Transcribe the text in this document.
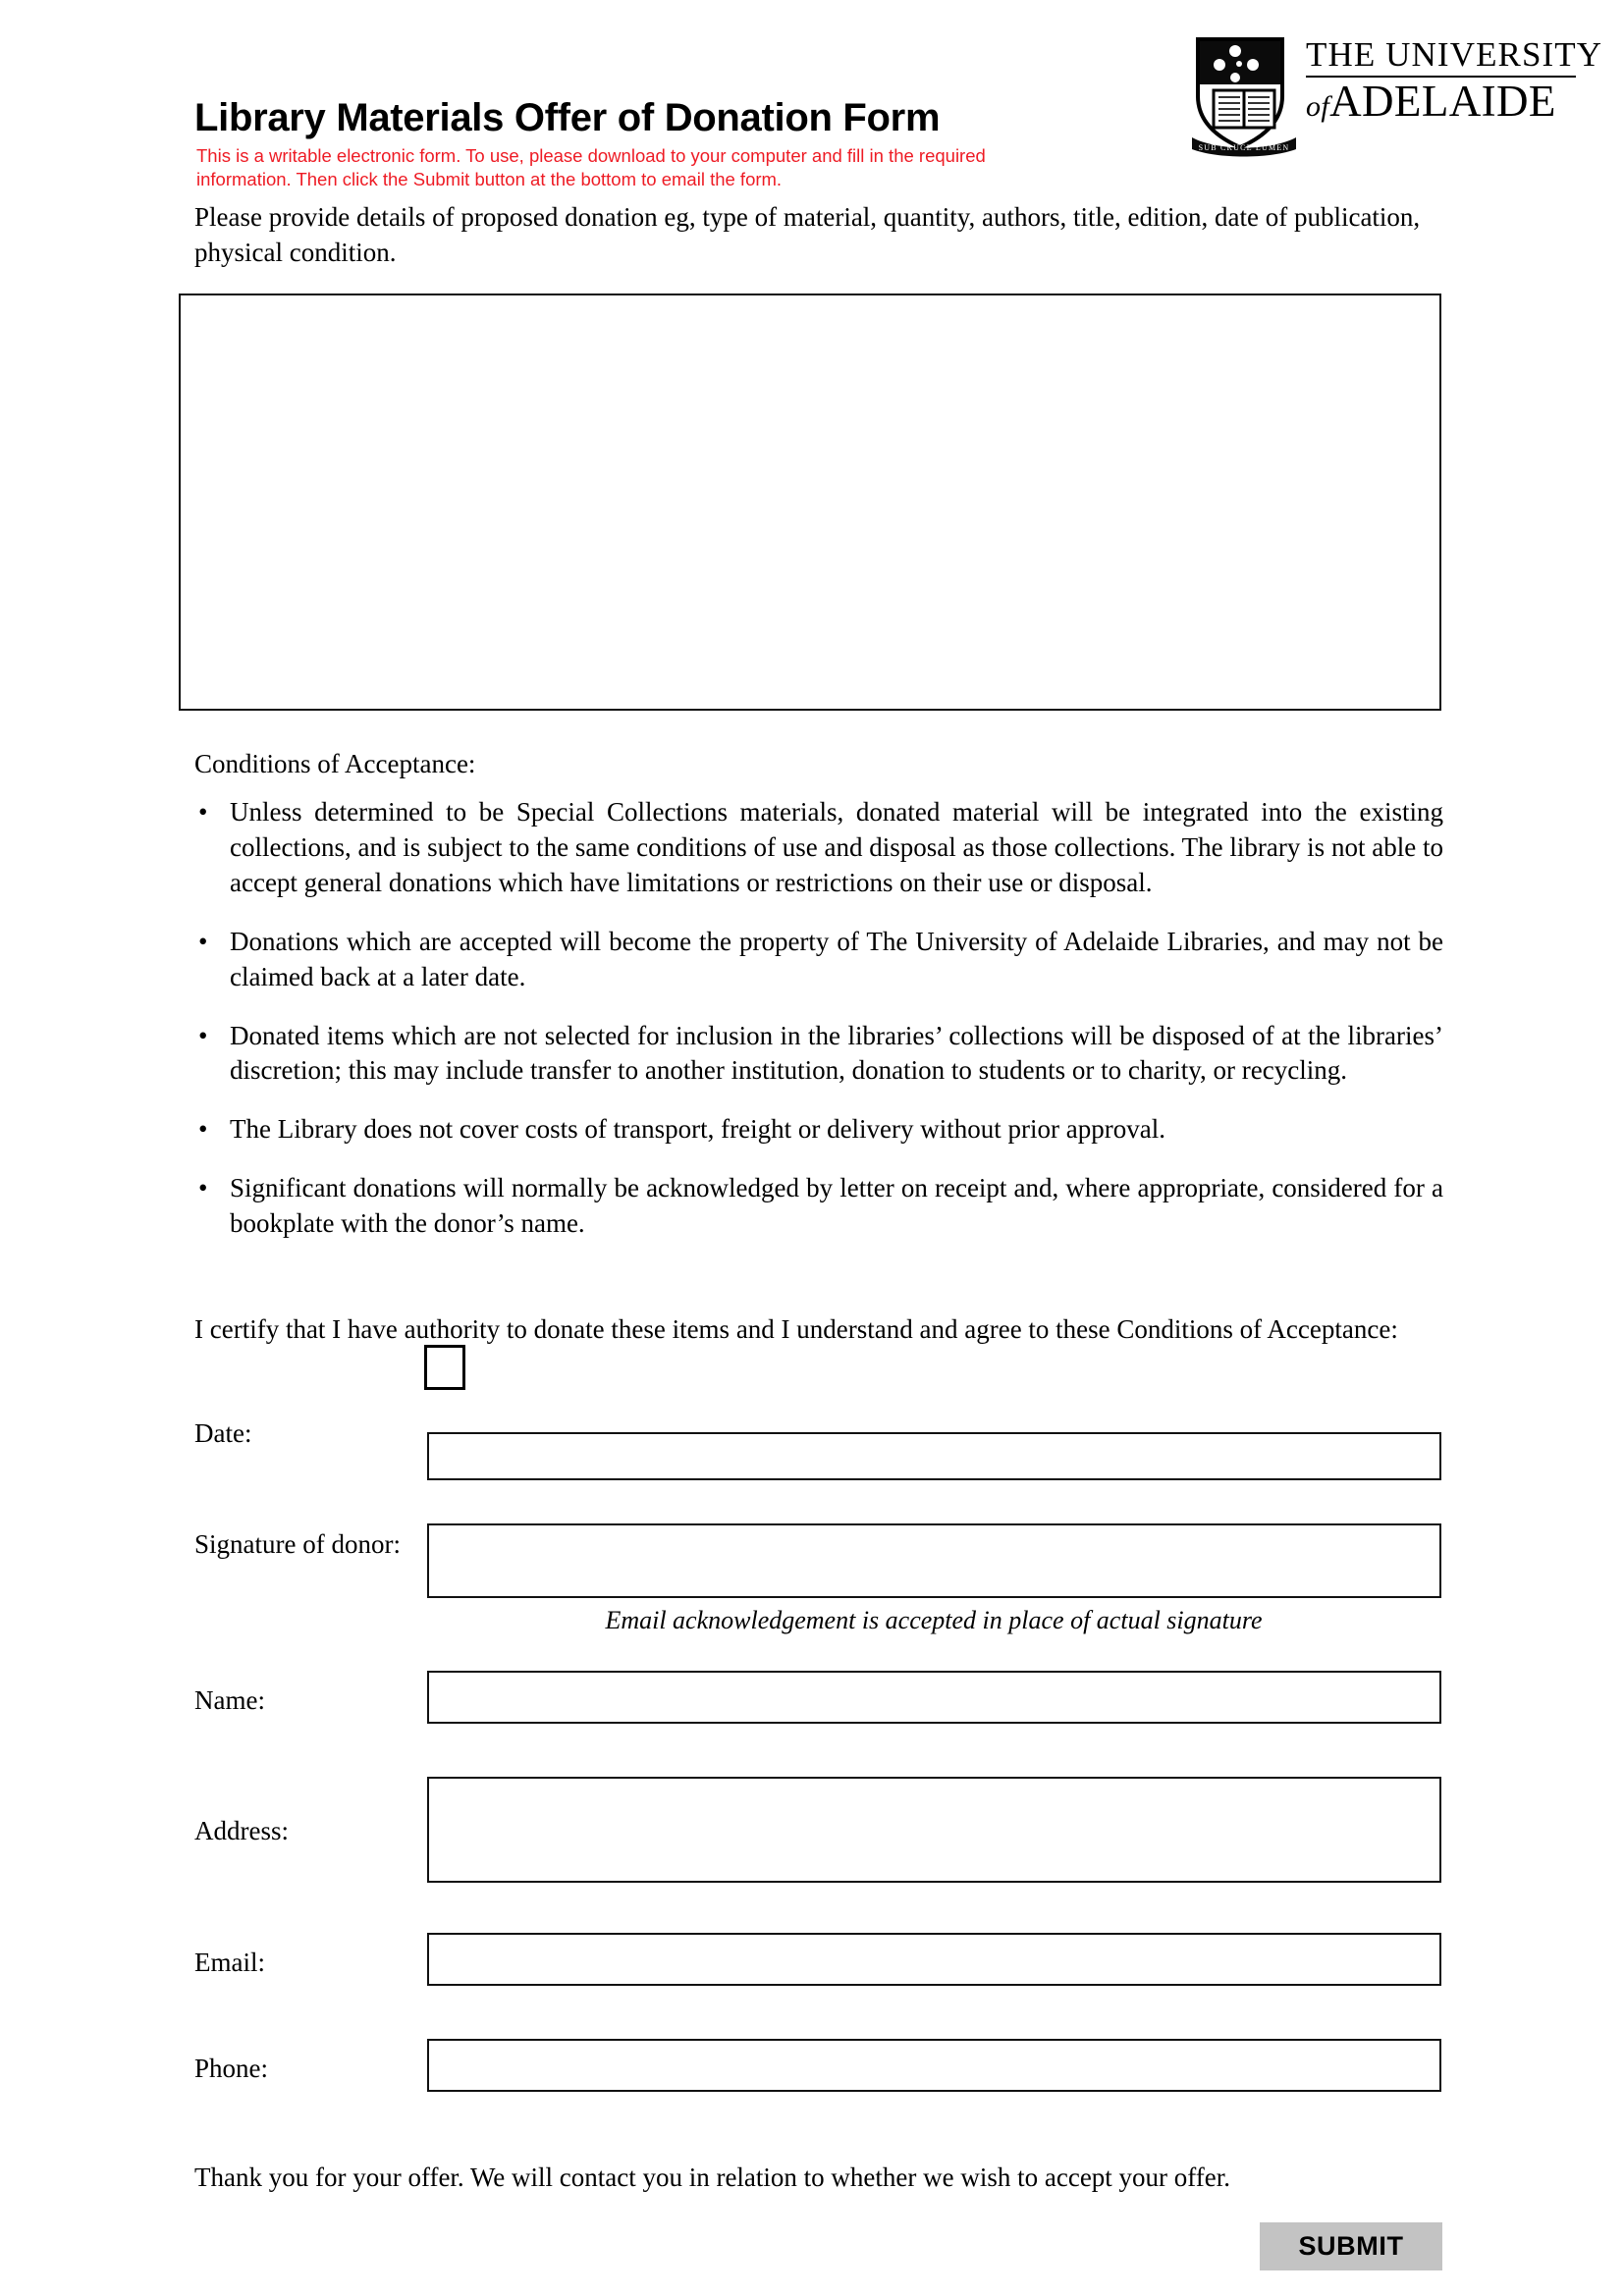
Library Materials Offer of Donation Form
This is a writable electronic form. To use, please download to your computer and fill in the required information. Then click the Submit button at the bottom to email the form.
SUB CRUCE LUMEN
THE UNIVERSITY
ofADELAIDE
Please provide details of proposed donation eg, type of material, quantity, authors, title, edition, date of publication, physical condition.
Conditions of Acceptance:
• Unless determined to be Special Collections materials, donated material will be integrated into the existing collections, and is subject to the same conditions of use and disposal as those collections. The library is not able to accept general donations which have limitations or restrictions on their use or disposal.
• Donations which are accepted will become the property of The University of Adelaide Libraries, and may not be claimed back at a later date.
• Donated items which are not selected for inclusion in the libraries’ collections will be disposed of at the libraries’ discretion; this may include transfer to another institution, donation to students or to charity, or recycling.
• The Library does not cover costs of transport, freight or delivery without prior approval.
• Significant donations will normally be acknowledged by letter on receipt and, where appropriate, considered for a bookplate with the donor’s name.
I certify that I have authority to donate these items and I understand and agree to these Conditions of Acceptance:
Date:
Signature of donor:
Email acknowledgement is accepted in place of actual signature
Name:
Address:
Email:
Phone:
Thank you for your offer. We will contact you in relation to whether we wish to accept your offer.
SUBMIT
